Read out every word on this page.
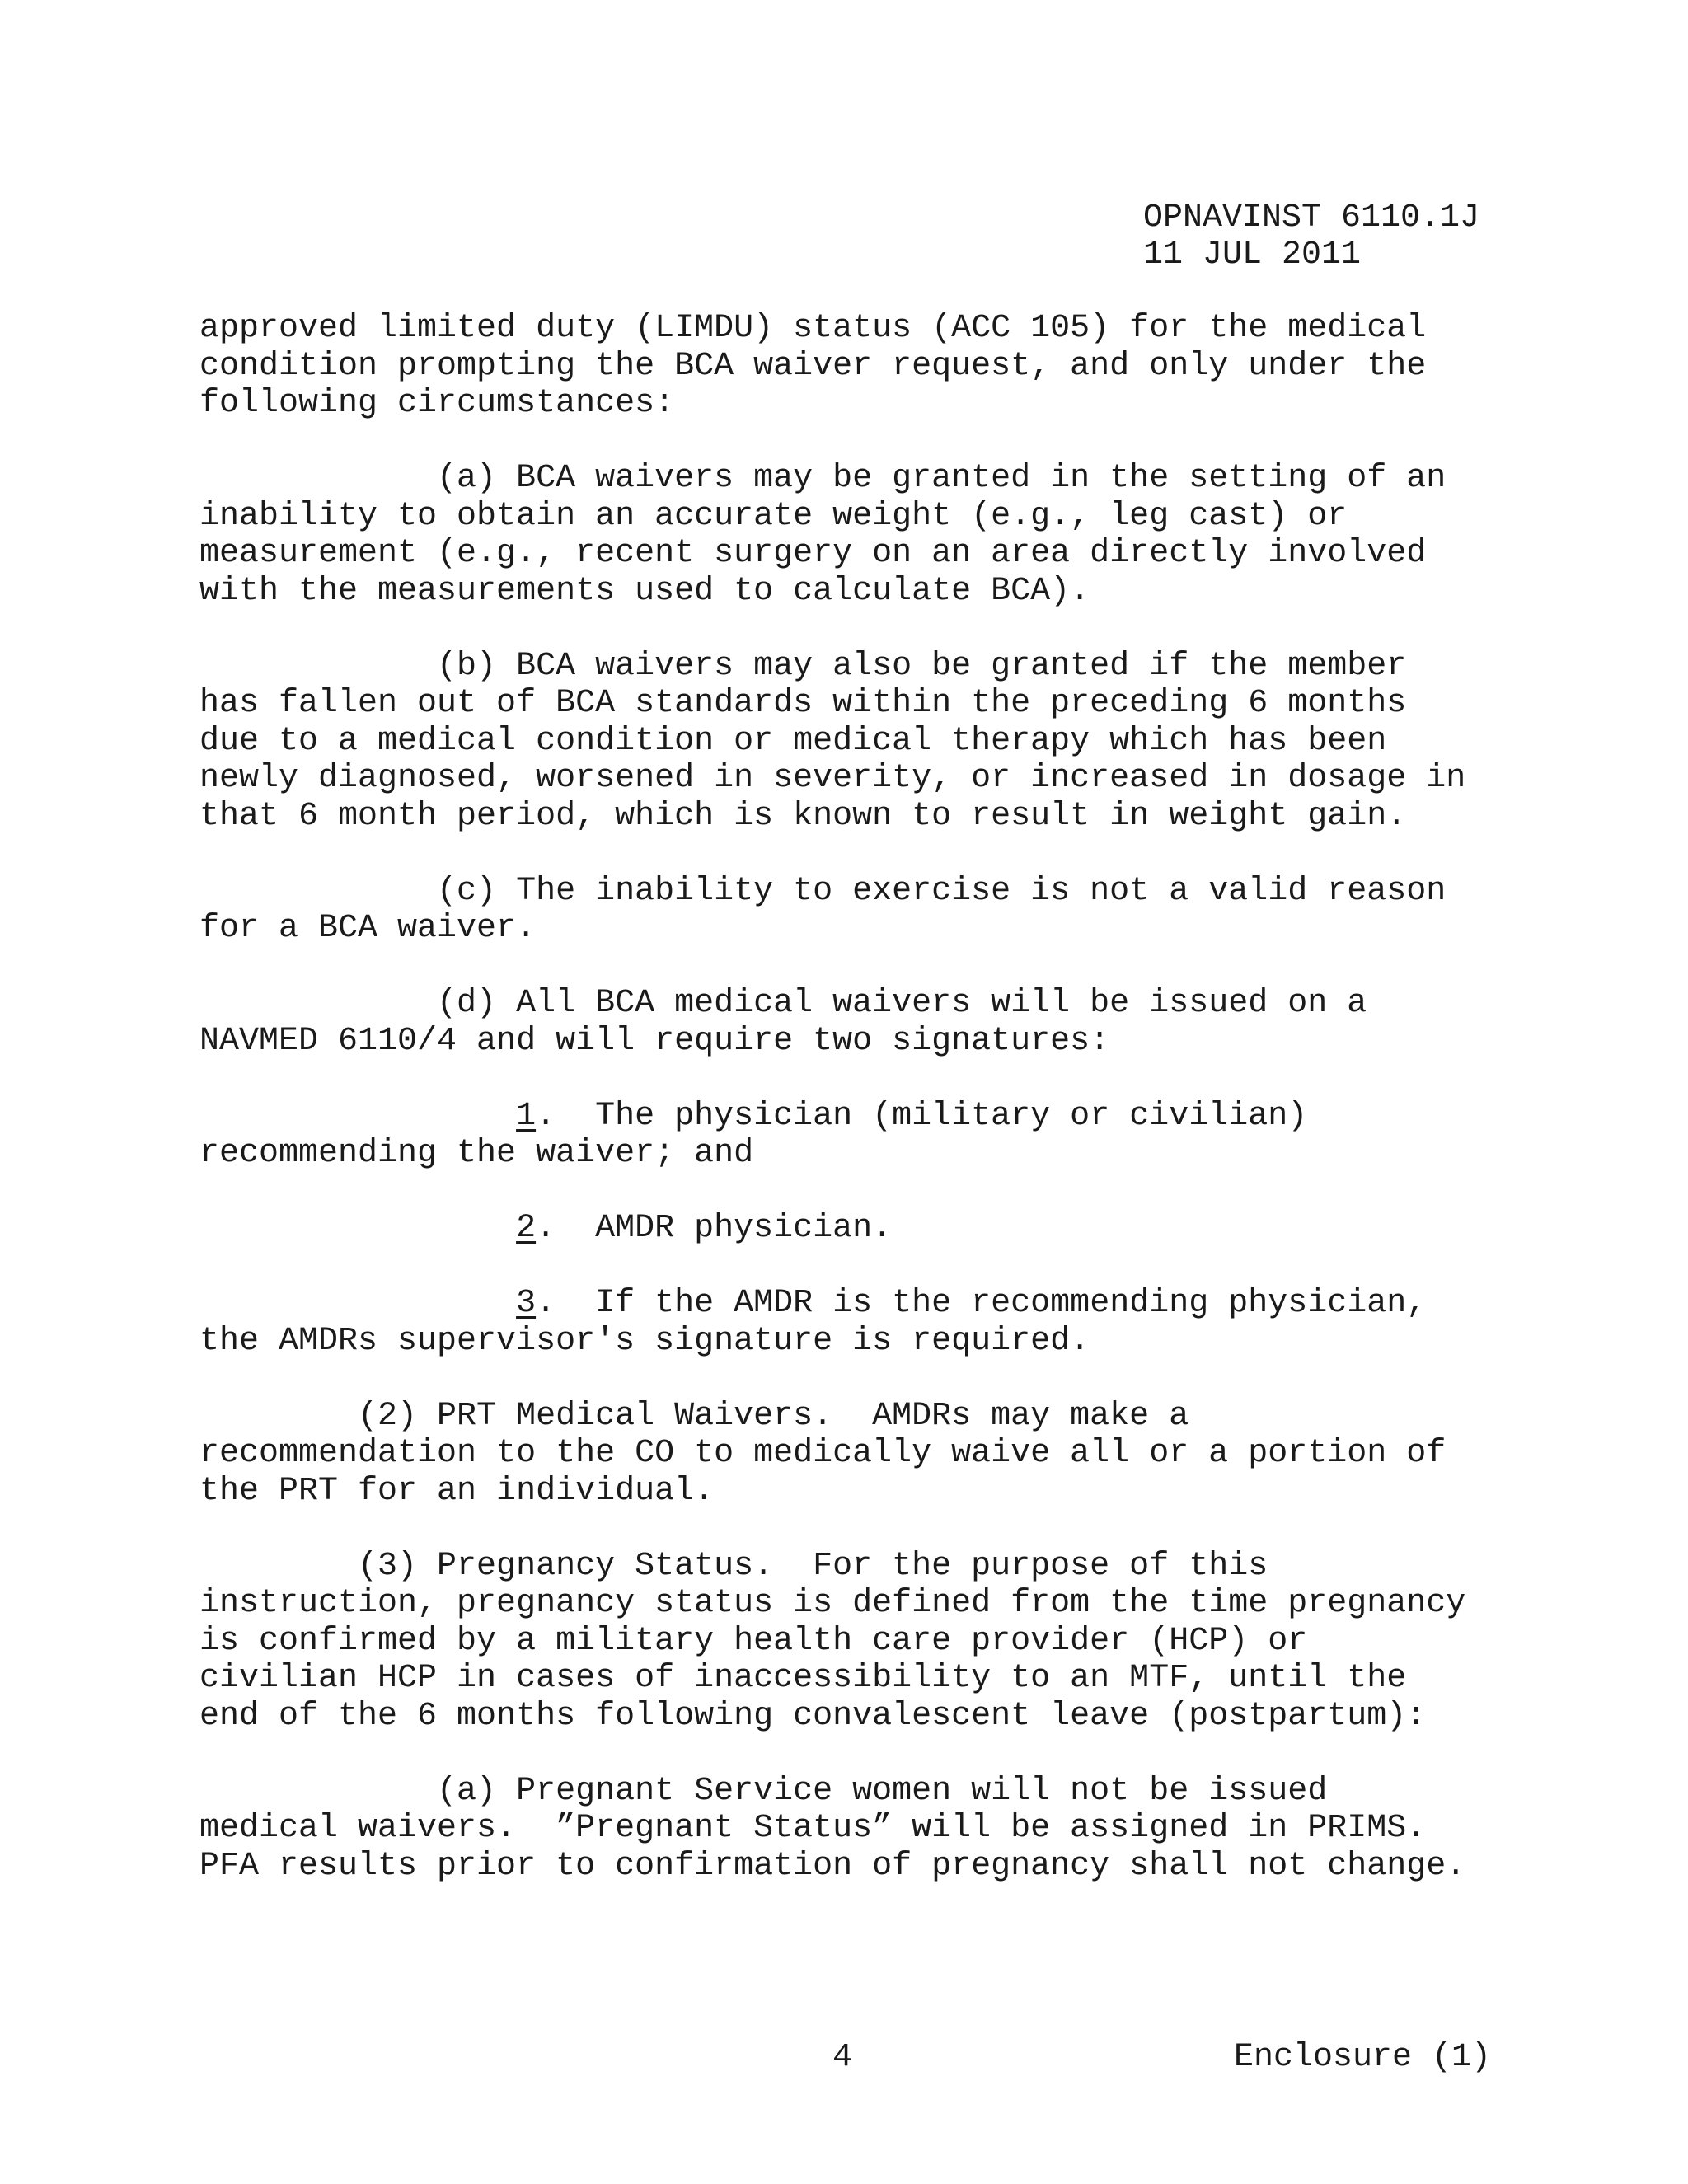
OPNAVINST 6110.1J
11 JUL 2011

approved limited duty (LIMDU) status (ACC 105) for the medical
condition prompting the BCA waiver request, and only under the
following circumstances:

(a) BCA waivers may be granted in the setting of an
inability to obtain an accurate weight (e.g., leg cast) or
measurement (e.g., recent surgery on an area directly involved
with the measurements used to calculate BCA).

(b) BCA waivers may also be granted if the member
has fallen out of BCA standards within the preceding 6 months
due to a medical condition or medical therapy which has been
newly diagnosed, worsened in severity, or increased in dosage in
that 6 month period, which is known to result in weight gain.

(c) The inability to exercise is not a valid reason
for a BCA waiver.

(d) All BCA medical waivers will be issued on a
NAVMED 6110/4 and will require two signatures:

1.  The physician (military or civilian)
recommending the waiver; and

2.  AMDR physician.

3.  If the AMDR is the recommending physician,
the AMDRs supervisor's signature is required.

(2) PRT Medical Waivers.  AMDRs may make a
recommendation to the CO to medically waive all or a portion of
the PRT for an individual.

(3) Pregnancy Status.  For the purpose of this
instruction, pregnancy status is defined from the time pregnancy
is confirmed by a military health care provider (HCP) or
civilian HCP in cases of inaccessibility to an MTF, until the
end of the 6 months following convalescent leave (postpartum):

(a) Pregnant Service women will not be issued
medical waivers.  ”Pregnant Status” will be assigned in PRIMS.
PFA results prior to confirmation of pregnancy shall not change.

4	Enclosure (1)
